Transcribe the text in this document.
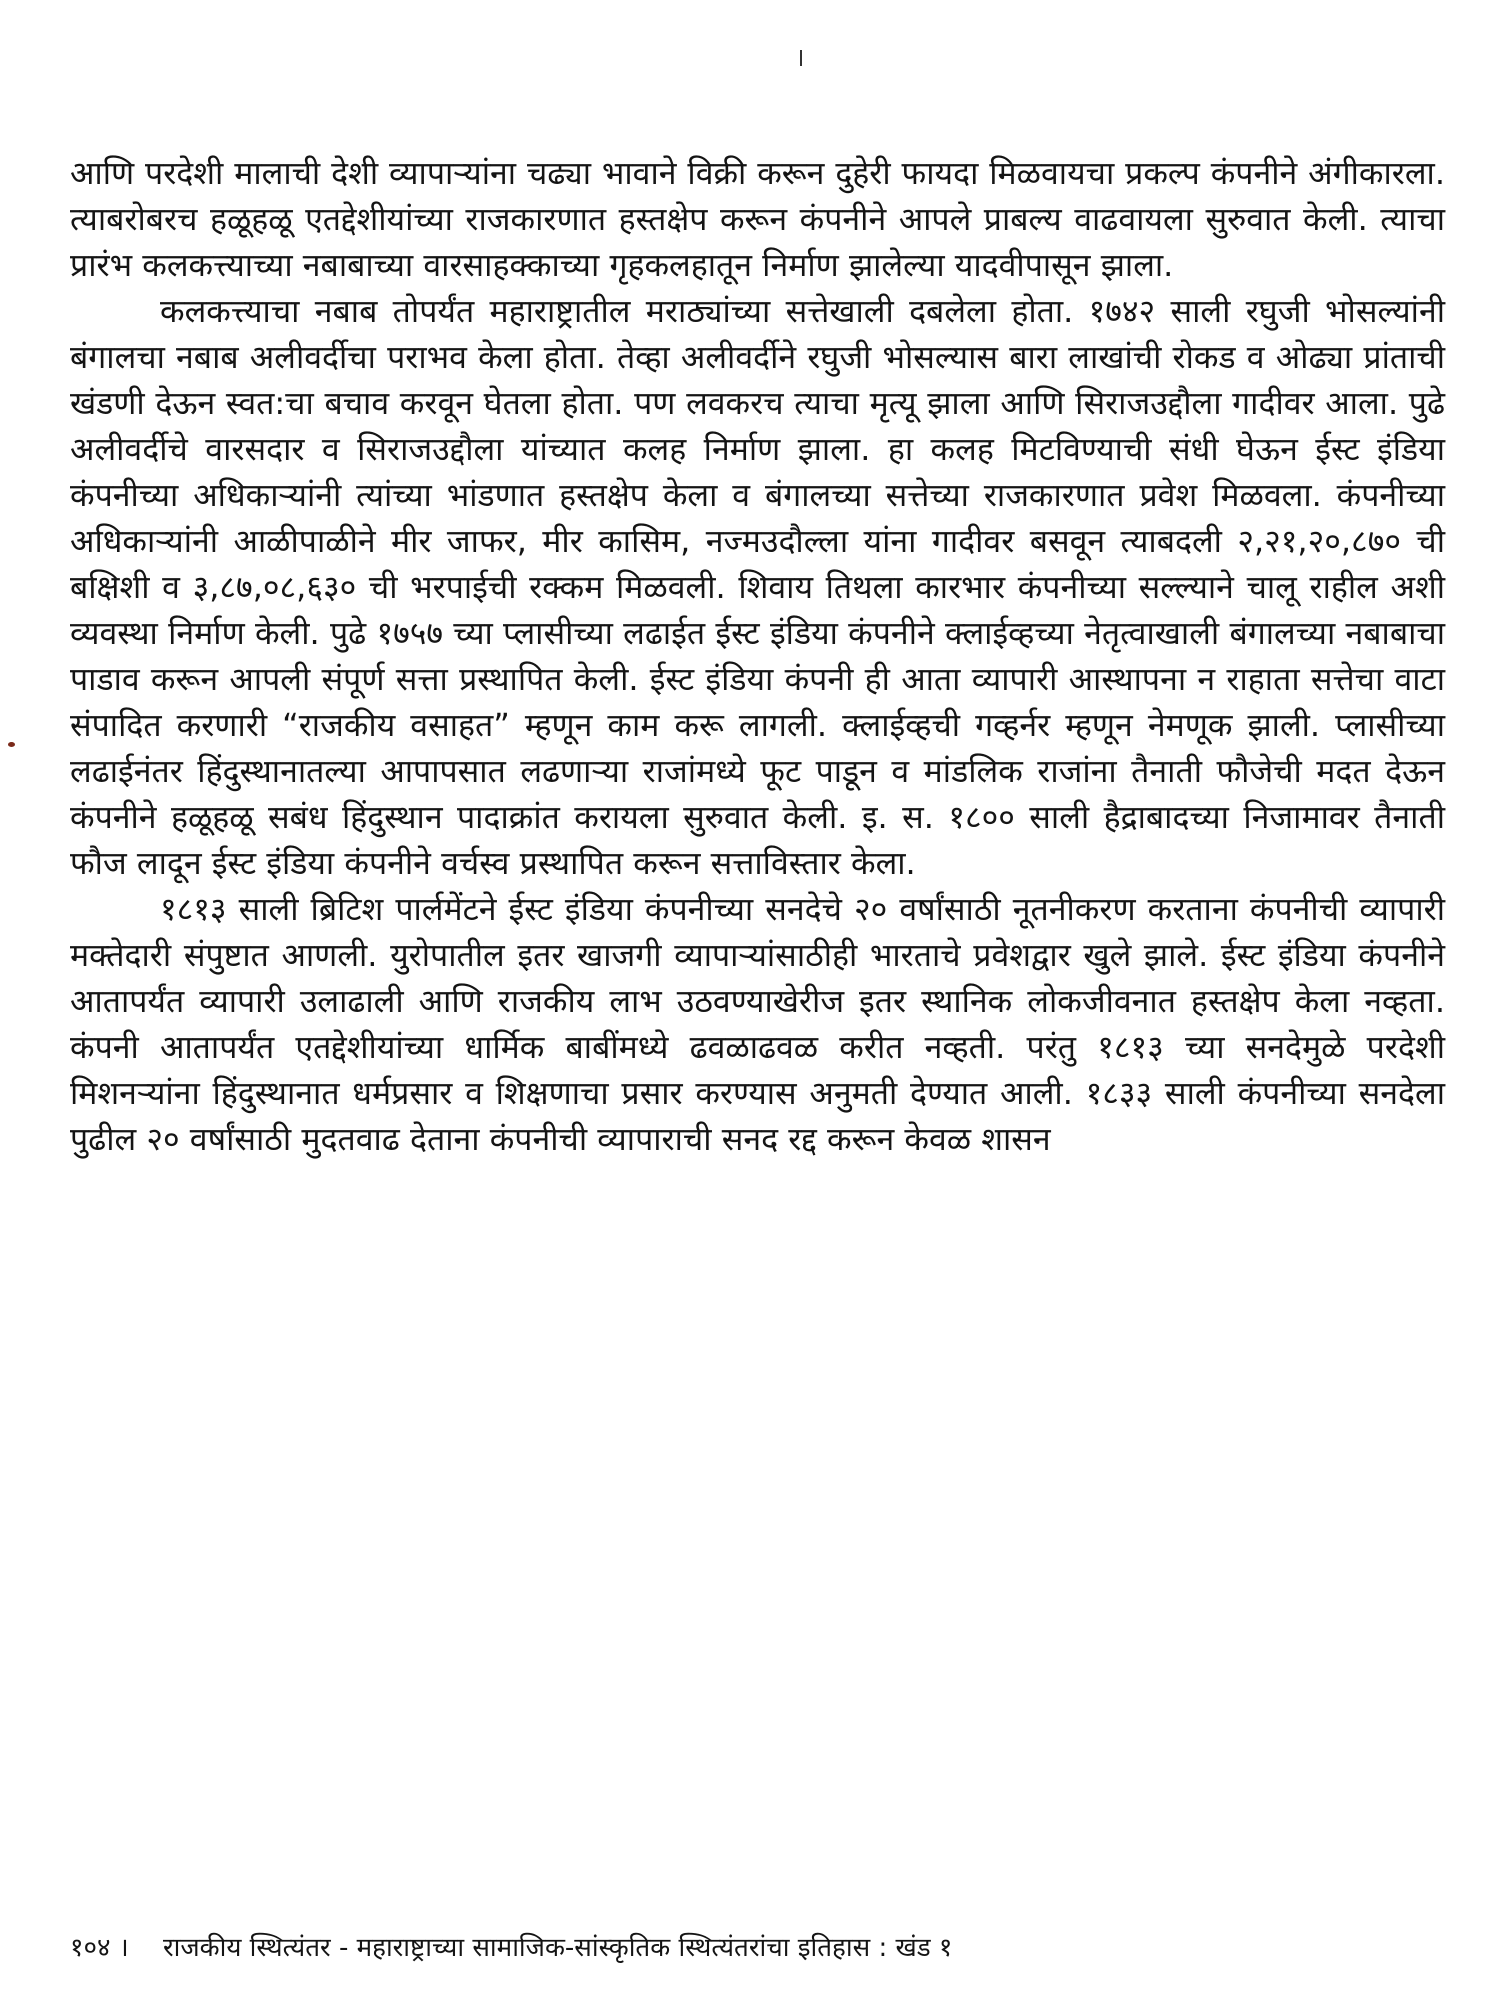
आणि परदेशी मालाची देशी व्यापाऱ्यांना चढ्या भावाने विक्री करून दुहेरी फायदा मिळवायचा प्रकल्प कंपनीने अंगीकारला. त्याबरोबरच हळूहळू एतद्देशीयांच्या राजकारणात हस्तक्षेप करून कंपनीने आपले प्राबल्य वाढवायला सुरुवात केली. त्याचा प्रारंभ कलकत्त्याच्या नबाबाच्या वारसाहक्काच्या गृहकलहातून निर्माण झालेल्या यादवीपासून झाला.

कलकत्त्याचा नबाब तोपर्यंत महाराष्ट्रातील मराठ्यांच्या सत्तेखाली दबलेला होता. १७४२ साली रघुजी भोसल्यांनी बंगालचा नबाब अलीवर्दीचा पराभव केला होता. तेव्हा अलीवर्दीने रघुजी भोसल्यास बारा लाखांची रोकड व ओढ्या प्रांताची खंडणी देऊन स्वत:चा बचाव करवून घेतला होता. पण लवकरच त्याचा मृत्यू झाला आणि सिराजउद्दौला गादीवर आला. पुढे अलीवर्दीचे वारसदार व सिराजउद्दौला यांच्यात कलह निर्माण झाला. हा कलह मिटविण्याची संधी घेऊन ईस्ट इंडिया कंपनीच्या अधिकाऱ्यांनी त्यांच्या भांडणात हस्तक्षेप केला व बंगालच्या सत्तेच्या राजकारणात प्रवेश मिळवला. कंपनीच्या अधिकाऱ्यांनी आळीपाळीने मीर जाफर, मीर कासिम, नज्मउदौल्ला यांना गादीवर बसवून त्याबदली २,२१,२०,८७० ची बक्षिशी व ३,८७,०८,६३० ची भरपाईची रक्कम मिळवली. शिवाय तिथला कारभार कंपनीच्या सल्ल्याने चालू राहील अशी व्यवस्था निर्माण केली. पुढे १७५७ च्या प्लासीच्या लढाईत ईस्ट इंडिया कंपनीने क्लाईव्हच्या नेतृत्वाखाली बंगालच्या नबाबाचा पाडाव करून आपली संपूर्ण सत्ता प्रस्थापित केली. ईस्ट इंडिया कंपनी ही आता व्यापारी आस्थापना न राहाता सत्तेचा वाटा संपादित करणारी “राजकीय वसाहत” म्हणून काम करू लागली. क्लाईव्हची गव्हर्नर म्हणून नेमणूक झाली. प्लासीच्या लढाईनंतर हिंदुस्थानातल्या आपापसात लढणाऱ्या राजांमध्ये फूट पाडून व मांडलिक राजांना तैनाती फौजेची मदत देऊन कंपनीने हळूहळू सबंध हिंदुस्थान पादाक्रांत करायला सुरुवात केली. इ. स. १८०० साली हैद्राबादच्या निजामावर तैनाती फौज लादून ईस्ट इंडिया कंपनीने वर्चस्व प्रस्थापित करून सत्ताविस्तार केला.

१८१३ साली ब्रिटिश पार्लमेंटने ईस्ट इंडिया कंपनीच्या सनदेचे २० वर्षांसाठी नूतनीकरण करताना कंपनीची व्यापारी मक्तेदारी संपुष्टात आणली. युरोपातील इतर खाजगी व्यापाऱ्यांसाठीही भारताचे प्रवेशद्वार खुले झाले. ईस्ट इंडिया कंपनीने आतापर्यंत व्यापारी उलाढाली आणि राजकीय लाभ उठवण्याखेरीज इतर स्थानिक लोकजीवनात हस्तक्षेप केला नव्हता. कंपनी आतापर्यंत एतद्देशीयांच्या धार्मिक बाबींमध्ये ढवळाढवळ करीत नव्हती. परंतु १८१३ च्या सनदेमुळे परदेशी मिशनऱ्यांना हिंदुस्थानात धर्मप्रसार व शिक्षणाचा प्रसार करण्यास अनुमती देण्यात आली. १८३३ साली कंपनीच्या सनदेला पुढील २० वर्षांसाठी मुदतवाढ देताना कंपनीची व्यापाराची सनद रद्द करून केवळ शासन

१०४ । राजकीय स्थित्यंतर - महाराष्ट्राच्या सामाजिक-सांस्कृतिक स्थित्यंतरांचा इतिहास : खंड १
